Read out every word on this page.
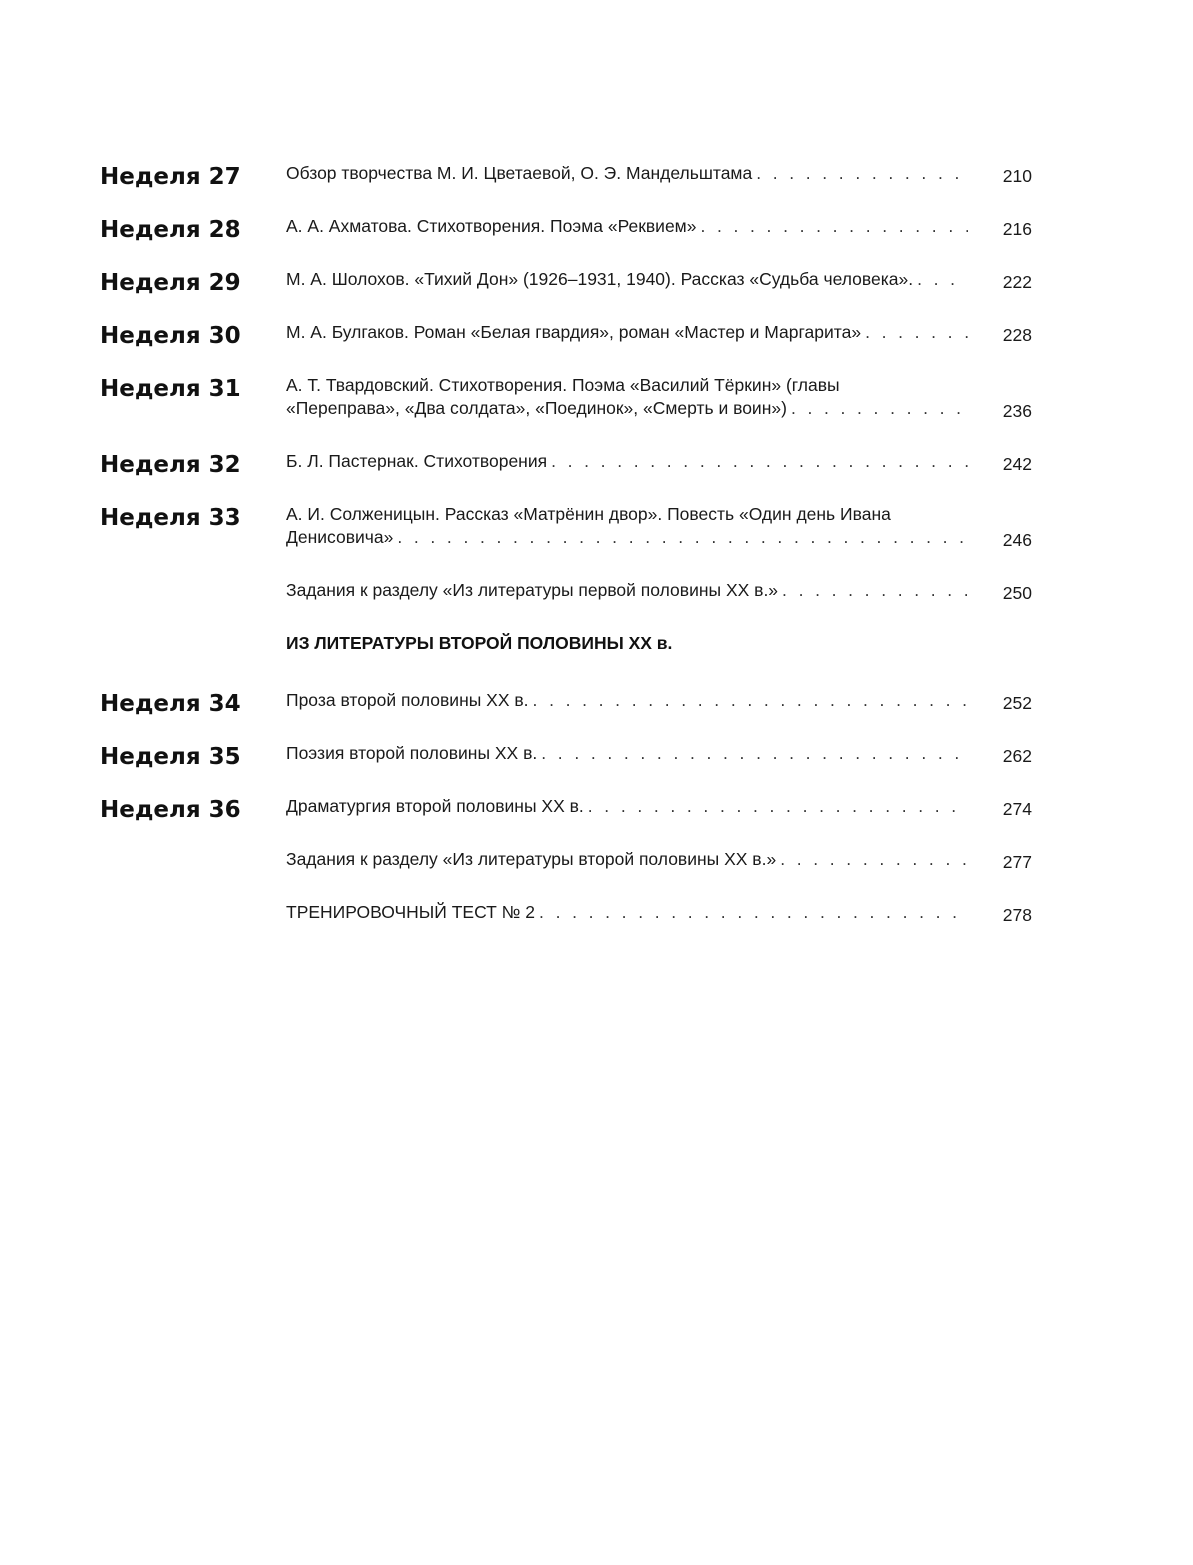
Неделя 27	Обзор творчества М. И. Цветаевой, О. Э. Мандельштама . . .	210
Неделя 28	А. А. Ахматова. Стихотворения. Поэма «Реквием» . . .	216
Неделя 29	М. А. Шолохов. «Тихий Дон» (1926–1931, 1940). Рассказ «Судьба человека». . . .	222
Неделя 30	М. А. Булгаков. Роман «Белая гвардия», роман «Мастер и Маргарита» . . .	228
Неделя 31	А. Т. Твардовский. Стихотворения. Поэма «Василий Тёркин» (главы
«Переправа», «Два солдата», «Поединок», «Смерть и воин») . . .	236
Неделя 32	Б. Л. Пастернак. Стихотворения . . .	242
Неделя 33	А. И. Солженицын. Рассказ «Матрёнин двор». Повесть «Один день Ивана
Денисовича» . . .	246
Задания к разделу «Из литературы первой половины XX в.» . . .	250
ИЗ ЛИТЕРАТУРЫ ВТОРОЙ ПОЛОВИНЫ XX в.
Неделя 34	Проза второй половины XX в. . . .	252
Неделя 35	Поэзия второй половины XX в. . . .	262
Неделя 36	Драматургия второй половины XX в. . . .	274
Задания к разделу «Из литературы второй половины XX в.» . . .	277
ТРЕНИРОВОЧНЫЙ ТЕСТ № 2 . . .	278
